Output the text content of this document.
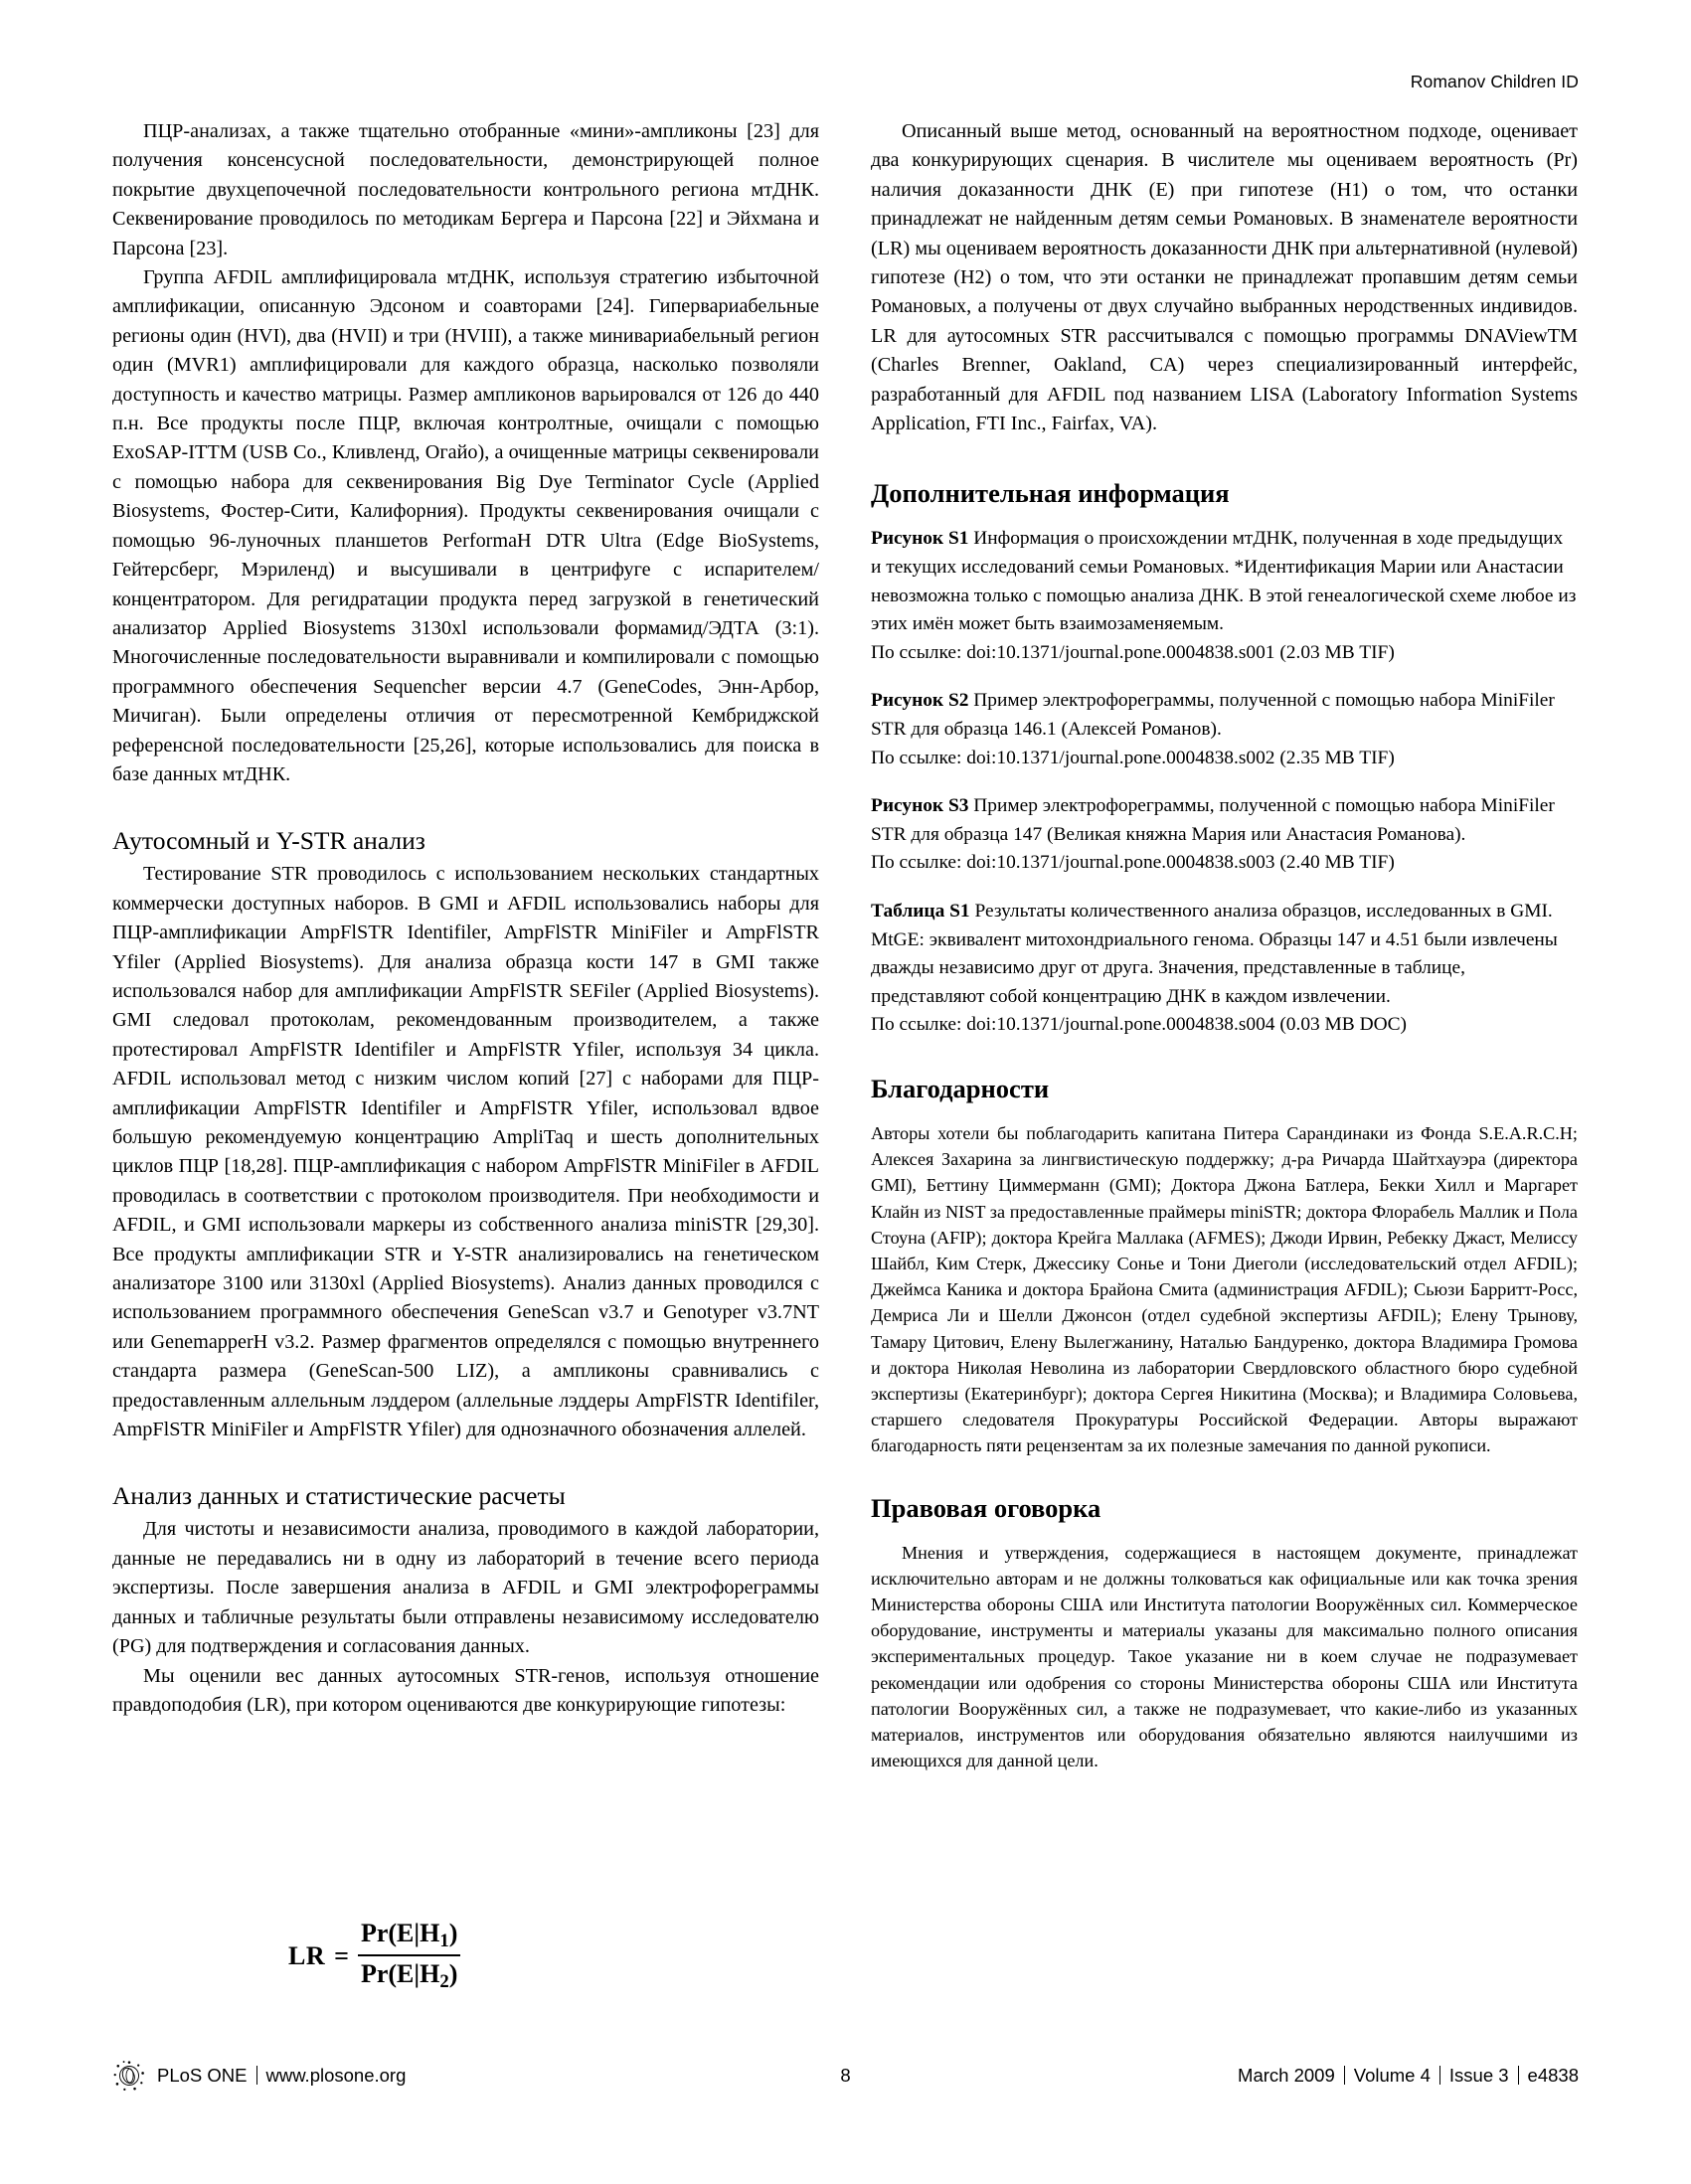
Romanov Children ID

ПЦР-анализах, а также тщательно отобранные «мини»-ампликоны [23] для получения консенсусной последовательности, демонстрирующей полное покрытие двухцепочечной последовательности контрольного региона мтДНК. Секвенирование проводилось по методикам Бергера и Парсона [22] и Эйхмана и Парсона [23].

Группа AFDIL амплифицировала мтДНК, используя стратегию избыточной амплификации, описанную Эдсоном и соавторами [24]. Гипервариабельные регионы один (HVI), два (HVII) и три (HVIII), а также минивариабельный регион один (MVR1) амплифицировали для каждого образца, насколько позволяли доступность и качество матрицы. Размер ампликонов варьировался от 126 до 440 п.н. Все продукты после ПЦР, включая контролтные, очищали с помощью ExoSAP-ITTM (USB Co., Кливленд, Огайо), а очищенные матрицы секвенировали с помощью набора для секвенирования Big Dye Terminator Cycle (Applied Biosystems, Фостер-Сити, Калифорния). Продукты секвенирования очищали с помощью 96-луночных планшетов PerformaH DTR Ultra (Edge BioSystems, Гейтерсберг, Мэриленд) и высушивали в центрифуге с испарителем/концентратором. Для регидратации продукта перед загрузкой в генетический анализатор Applied Biosystems 3130xl использовали формамид/ЭДТА (3:1). Многочисленные последовательности выравнивали и компилировали с помощью программного обеспечения Sequencher версии 4.7 (GeneCodes, Энн-Арбор, Мичиган). Были определены отличия от пересмотренной Кембриджской референсной последовательности [25,26], которые использовались для поиска в базе данных мтДНК.

Аутосомный и Y-STR анализ

Тестирование STR проводилось с использованием нескольких стандартных коммерчески доступных наборов. В GMI и AFDIL использовались наборы для ПЦР-амплификации AmpFlSTR Identifiler, AmpFlSTR MiniFiler и AmpFlSTR Yfiler (Applied Biosystems). Для анализа образца кости 147 в GMI также использовался набор для амплификации AmpFlSTR SEFiler (Applied Biosystems). GMI следовал протоколам, рекомендованным производителем, а также протестировал AmpFlSTR Identifiler и AmpFlSTR Yfiler, используя 34 цикла. AFDIL использовал метод с низким числом копий [27] с наборами для ПЦР-амплификации AmpFlSTR Identifiler и AmpFlSTR Yfiler, использовал вдвое большую рекомендуемую концентрацию AmpliTaq и шесть дополнительных циклов ПЦР [18,28]. ПЦР-амплификация с набором AmpFlSTR MiniFiler в AFDIL проводилась в соответствии с протоколом производителя. При необходимости и AFDIL, и GMI использовали маркеры из собственного анализа miniSTR [29,30]. Все продукты амплификации STR и Y-STR анализировались на генетическом анализаторе 3100 или 3130xl (Applied Biosystems). Анализ данных проводился с использованием программного обеспечения GeneScan v3.7 и Genotyper v3.7NT или GenemapperH v3.2. Размер фрагментов определялся с помощью внутреннего стандарта размера (GeneScan-500 LIZ), а ампликоны сравнивались с предоставленным аллельным лэддером (аллельные лэддеры AmpFlSTR Identifiler, AmpFlSTR MiniFiler и AmpFlSTR Yfiler) для однозначного обозначения аллелей.

Анализ данных и статистические расчеты

Для чистоты и независимости анализа, проводимого в каждой лаборатории, данные не передавались ни в одну из лабораторий в течение всего периода экспертизы. После завершения анализа в AFDIL и GMI электрофореграммы данных и табличные результаты были отправлены независимому исследователю (PG) для подтверждения и согласования данных.

Мы оценили вес данных аутосомных STR-генов, используя отношение правдоподобия (LR), при котором оцениваются две конкурирующие гипотезы:

Описанный выше метод, основанный на вероятностном подходе, оценивает два конкурирующих сценария. В числителе мы оцениваем вероятность (Pr) наличия доказанности ДНК (E) при гипотезе (H1) о том, что останки принадлежат не найденным детям семьи Романовых. В знаменателе вероятности (LR) мы оцениваем вероятность доказанности ДНК при альтернативной (нулевой) гипотезе (H2) о том, что эти останки не принадлежат пропавшим детям семьи Романовых, а получены от двух случайно выбранных неродственных индивидов. LR для аутосомных STR рассчитывался с помощью программы DNAViewTM (Charles Brenner, Oakland, CA) через специализированный интерфейс, разработанный для AFDIL под названием LISA (Laboratory Information Systems Application, FTI Inc., Fairfax, VA).

Дополнительная информация
Рисунок S1 Информация о происхождении мтДНК, полученная в ходе предыдущих и текущих исследований семьи Романовых. *Идентификация Марии или Анастасии невозможна только с помощью анализа ДНК. В этой генеалогической схеме любое из этих имён может быть взаимозаменяемым.
По ссылке: doi:10.1371/journal.pone.0004838.s001 (2.03 MB TIF)
Рисунок S2 Пример электрофореграммы, полученной с помощью набора MiniFiler STR для образца 146.1 (Алексей Романов).
По ссылке: doi:10.1371/journal.pone.0004838.s002 (2.35 MB TIF)
Рисунок S3 Пример электрофореграммы, полученной с помощью набора MiniFiler STR для образца 147 (Великая княжна Мария или Анастасия Романова).
По ссылке: doi:10.1371/journal.pone.0004838.s003 (2.40 MB TIF)
Таблица S1 Результаты количественного анализа образцов, исследованных в GMI. MtGE: эквивалент митохондриального генома. Образцы 147 и 4.51 были извлечены дважды независимо друг от друга. Значения, представленные в таблице, представляют собой концентрацию ДНК в каждом извлечении.
По ссылке: doi:10.1371/journal.pone.0004838.s004 (0.03 MB DOC)
Благодарности

Авторы хотели бы поблагодарить капитана Питера Сарандинаки из Фонда S.E.A.R.C.H; Алексея Захарина за лингвистическую поддержку; д-ра Ричарда Шайтхауэра (директора GMI), Беттину Циммерманн (GMI); Доктора Джона Батлера, Бекки Хилл и Маргарет Клайн из NIST за предоставленные праймеры miniSTR; доктора Флорабель Маллик и Пола Стоуна (AFIP); доктора Крейга Маллака (AFMES); Джоди Ирвин, Ребекку Джаст, Мелиссу Шайбл, Ким Стерк, Джессику Сонье и Тони Диеголи (исследовательский отдел AFDIL); Джеймса Каника и доктора Брайона Смита (администрация AFDIL); Сьюзи Барритт-Росс, Демриса Ли и Шелли Джонсон (отдел судебной экспертизы AFDIL); Елену Трынову, Тамару Цитович, Елену Вылегжанину, Наталью Бандуренко, доктора Владимира Громова и доктора Николая Неволина из лаборатории Свердловского областного бюро судебной экспертизы (Екатеринбург); доктора Сергея Никитина (Москва); и Владимира Соловьева, старшего следователя Прокуратуры Российской Федерации. Авторы выражают благодарность пяти рецензентам за их полезные замечания по данной рукописи.

Правовая оговорка

Мнения и утверждения, содержащиеся в настоящем документе, принадлежат исключительно авторам и не должны толковаться как официальные или как точка зрения Министерства обороны США или Института патологии Вооружённых сил. Коммерческое оборудование, инструменты и материалы указаны для максимально полного описания экспериментальных процедур. Такое указание ни в коем случае не подразумевает рекомендации или одобрения со стороны Министерства обороны США или Института патологии Вооружённых сил, а также не подразумевает, что какие-либо из указанных материалов, инструментов или оборудования обязательно являются наилучшими из имеющихся для данной цели.

LR = $\frac{Pr(E|H_1)}{Pr(E|H_2)}$
PLoS ONE www.plosone.org	8	March 2009 Volume 4 Issue 3 e4838
